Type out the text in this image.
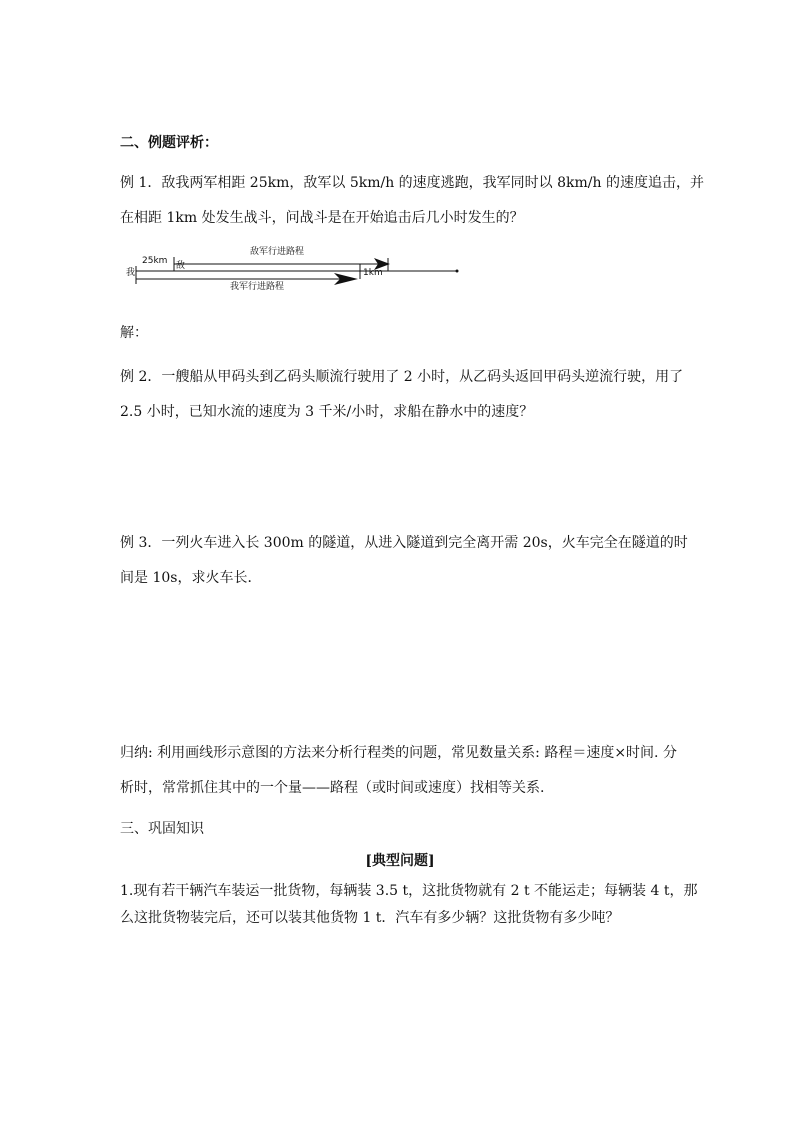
二、例题评析：
例 1．敌我两军相距 25km，敌军以 5km/h 的速度逃跑，我军同时以 8km/h 的速度追击，并
在相距 1km 处发生战斗，问战斗是在开始追击后几小时发生的？
敌军行进路程
25km 敌
我	1km
我军行进路程
解：
例 2．一艘船从甲码头到乙码头顺流行驶用了 2 小时，从乙码头返回甲码头逆流行驶，用了
2.5 小时，已知水流的速度为 3 千米/小时，求船在静水中的速度？
例 3．一列火车进入长 300m 的隧道，从进入隧道到完全离开需 20s，火车完全在隧道的时
间是 10s，求火车长．
归纳: 利用画线形示意图的方法来分析行程类的问题，常见数量关系: 路程＝速度×时间. 分
析时，常常抓住其中的一个量——路程（或时间或速度）找相等关系.
三、巩固知识
[典型问题]
1.现有若干辆汽车装运一批货物，每辆装 3.5 t，这批货物就有 2 t 不能运走；每辆装 4 t，那
么这批货物装完后，还可以装其他货物 1 t．汽车有多少辆？这批货物有多少吨？
